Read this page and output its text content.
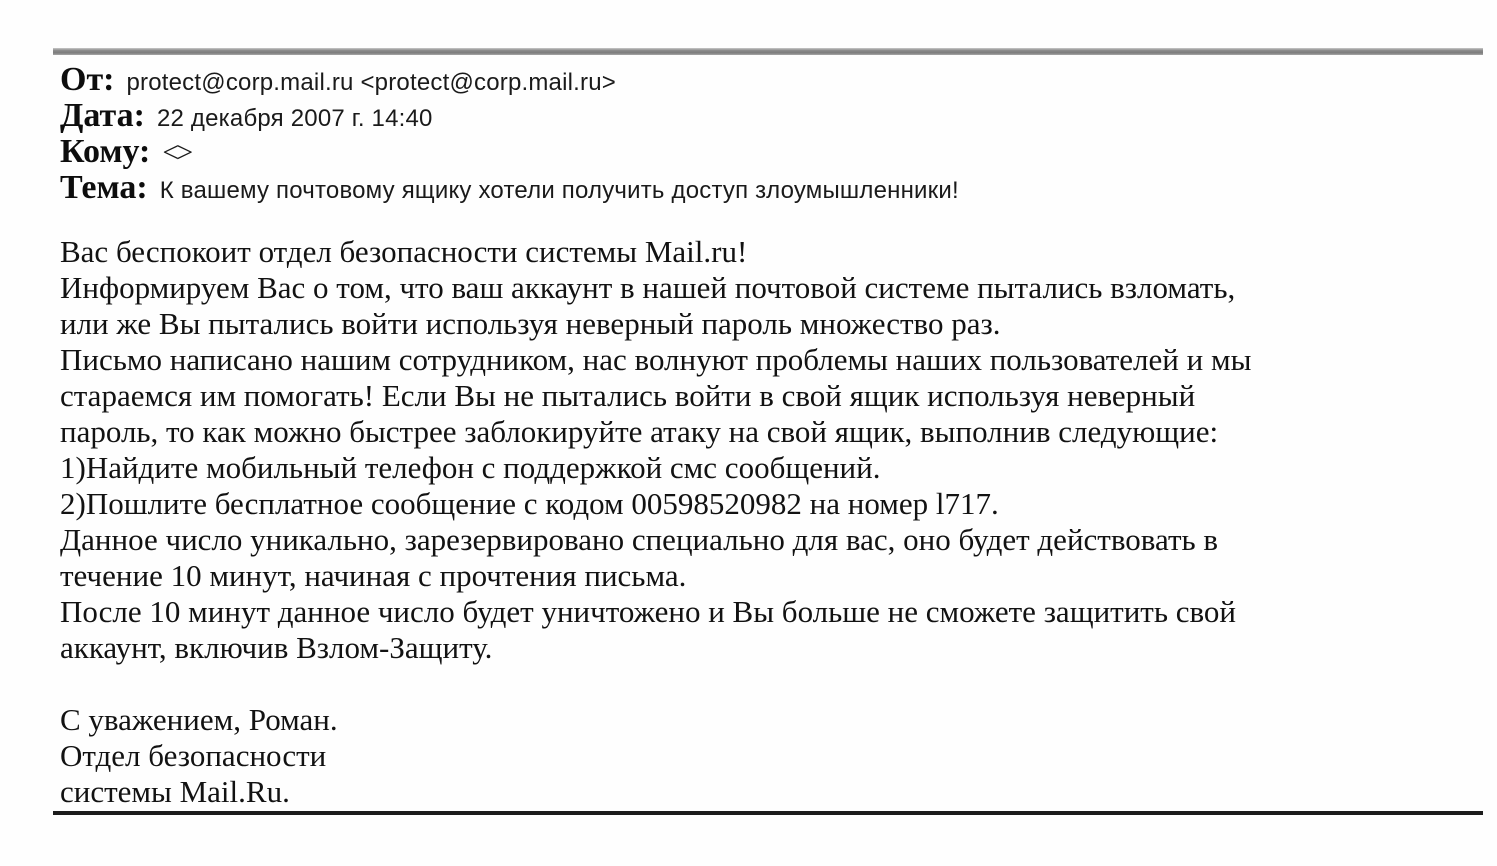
От: protect@corp.mail.ru <protect@corp.mail.ru>
Дата: 22 декабря 2007 г. 14:40
Кому: <>
Тема: К вашему почтовому ящику хотели получить доступ злоумышленники!
Вас беспокоит отдел безопасности системы Mail.ru!
Информируем Вас о том, что ваш аккаунт в нашей почтовой системе пытались взломать,
или же Вы пытались войти используя неверный пароль множество раз.
Письмо написано нашим сотрудником, нас волнуют проблемы наших пользователей и мы
стараемся им помогать! Если Вы не пытались войти в свой ящик используя неверный
пароль, то как можно быстрее заблокируйте атаку на свой ящик, выполнив следующие:
1)Найдите мобильный телефон с поддержкой смс сообщений.
2)Пошлите бесплатное сообщение с кодом 00598520982 на номер l717.
Данное число уникально, зарезервировано специально для вас, оно будет действовать в
течение 10 минут, начиная с прочтения письма.
После 10 минут данное число будет уничтожено и Вы больше не сможете защитить свой
аккаунт, включив Взлом-Защиту.
С уважением, Роман.
Отдел безопасности
системы Mail.Ru.
